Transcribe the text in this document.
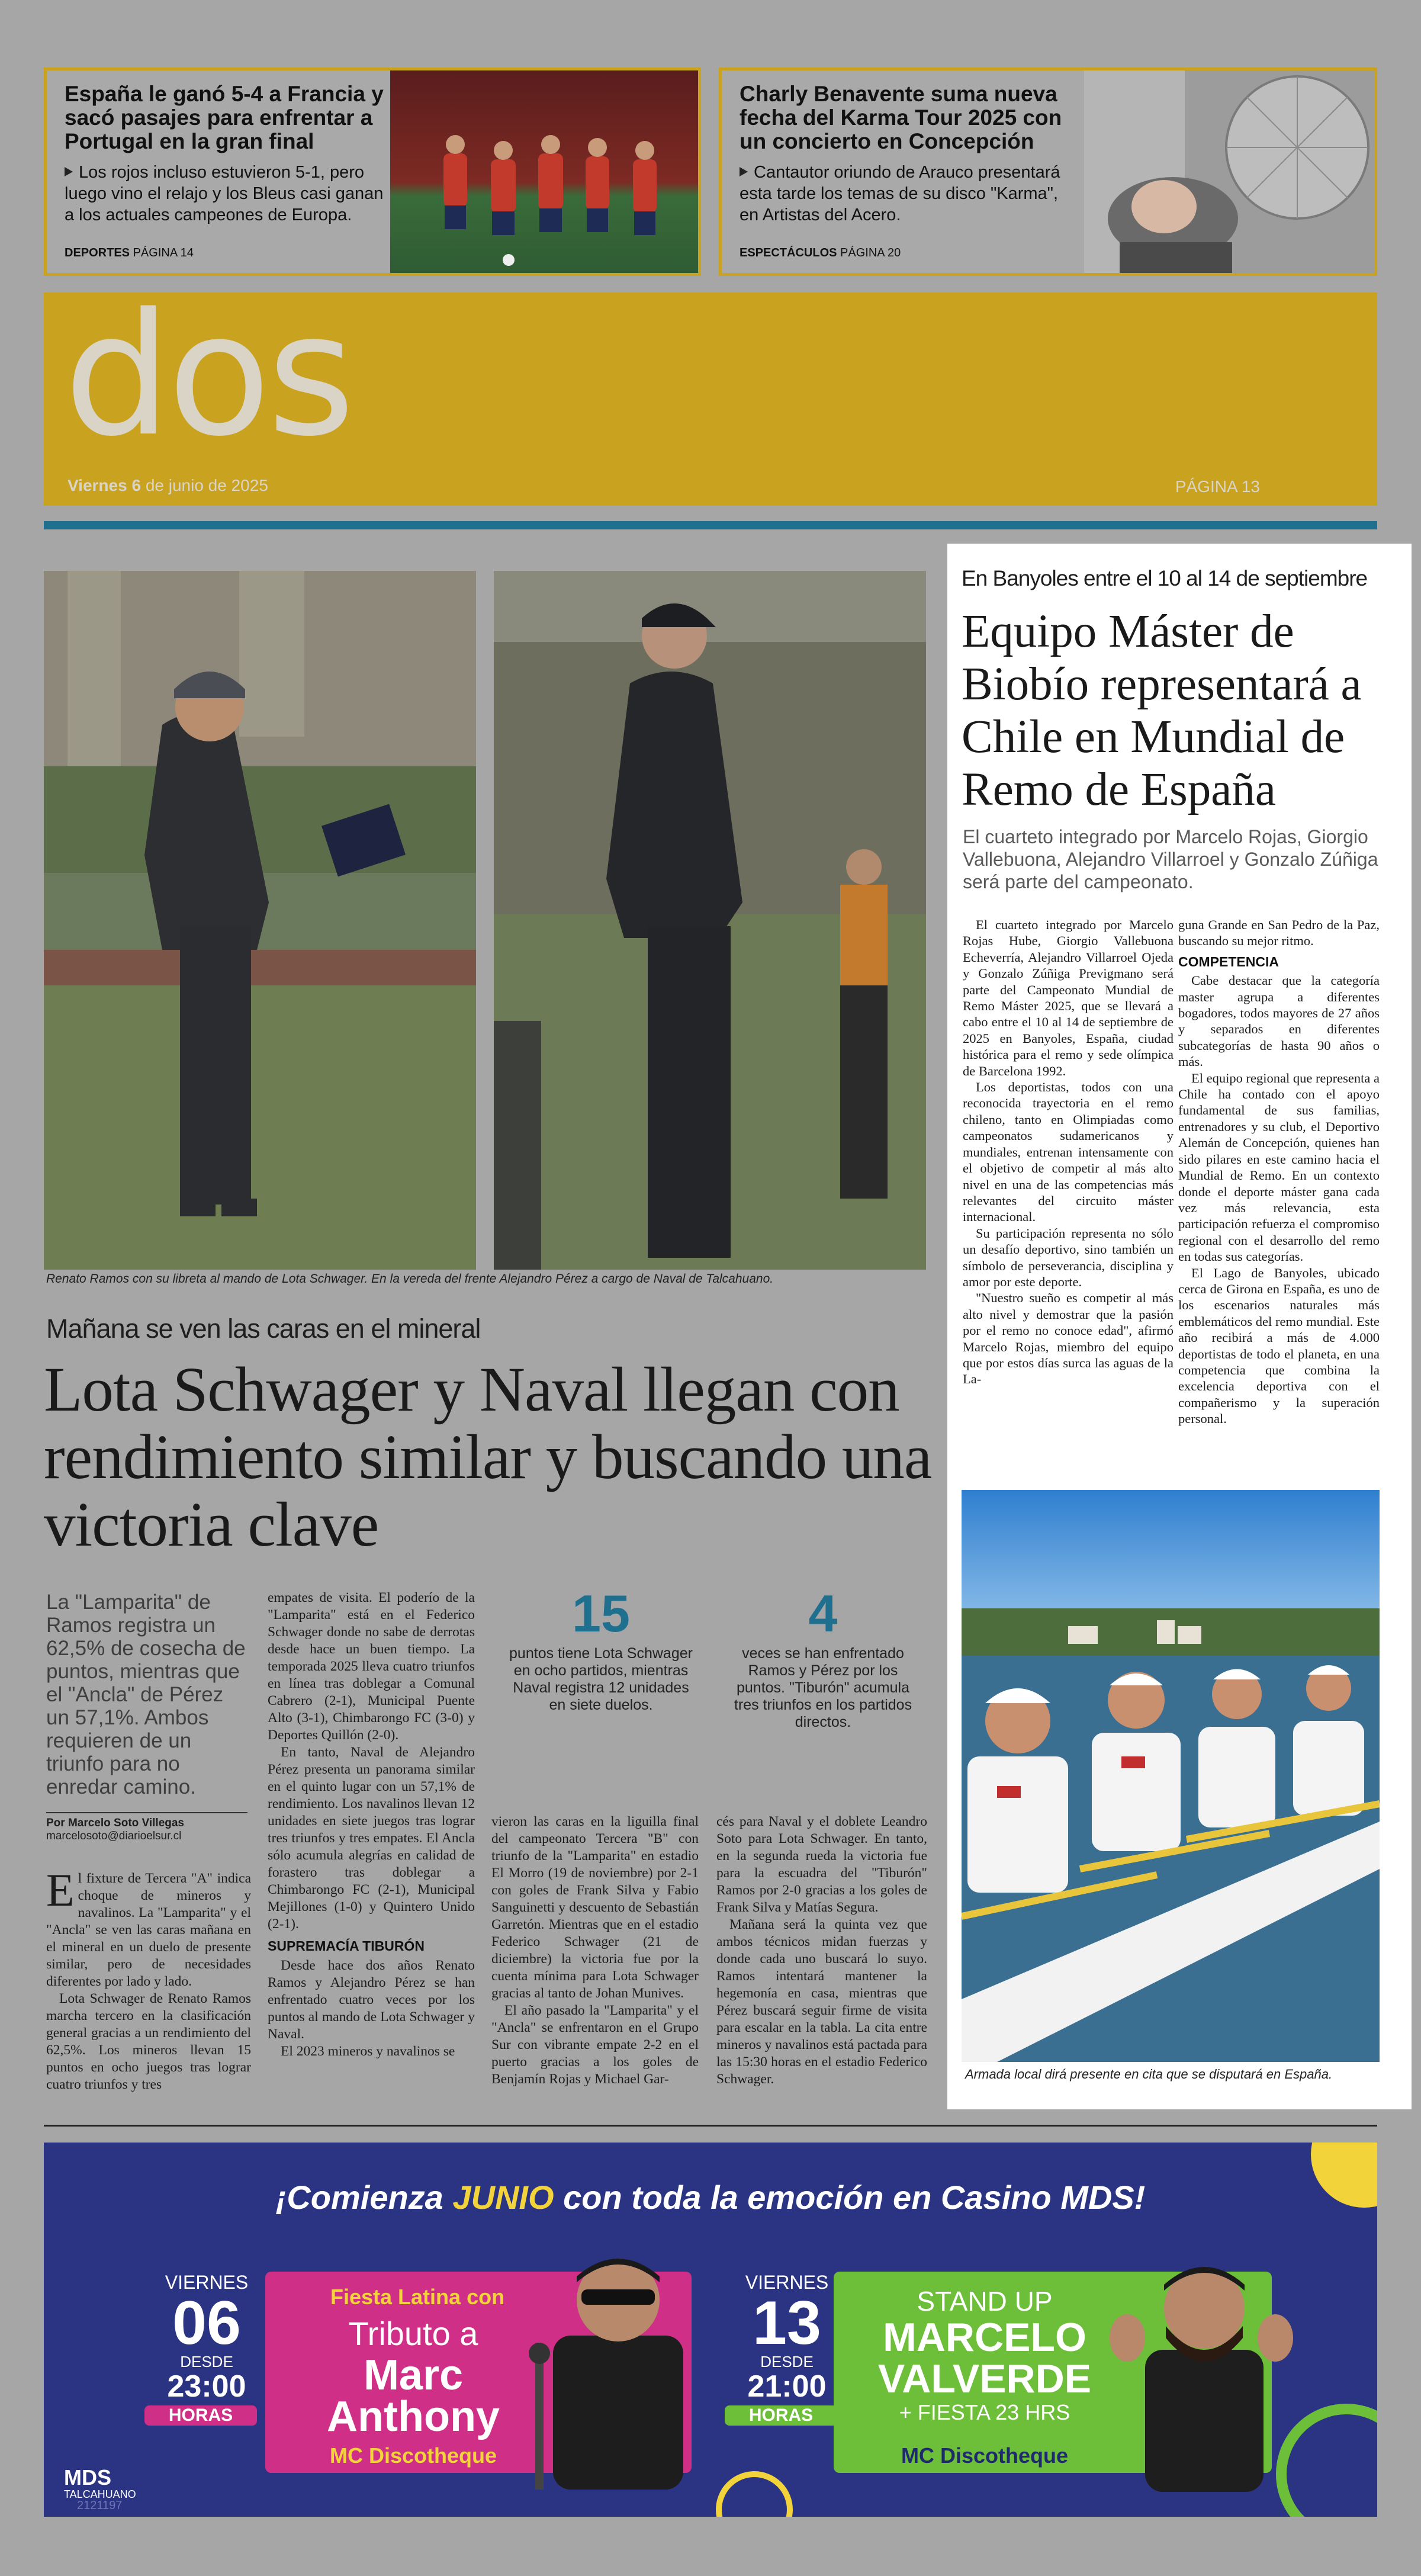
España le ganó 5-4 a Francia y sacó pasajes para enfrentar a Portugal en la gran final
Los rojos incluso estuvieron 5-1, pero luego vino el relajo y los Bleus casi ganan a los actuales campeones de Europa.
DEPORTES PÁGINA 14
Charly Benavente suma nueva fecha del Karma Tour 2025 con un concierto en Concepción
Cantautor oriundo de Arauco presentará esta tarde los temas de su disco "Karma", en Artistas del Acero.
ESPECTÁCULOS PÁGINA 20
dos
Viernes 6 de junio de 2025	PÁGINA 13
Renato Ramos con su libreta al mando de Lota Schwager. En la vereda del frente Alejandro Pérez a cargo de Naval de Talcahuano.
Mañana se ven las caras en el mineral
Lota Schwager y Naval llegan con rendimiento similar y buscando una victoria clave
La "Lamparita" de Ramos registra un 62,5% de cosecha de puntos, mientras que el "Ancla" de Pérez un 57,1%. Ambos requieren de un triunfo para no enredar camino.
Por Marcelo Soto Villegas
marcelosoto@diarioelsur.cl

El fixture de Tercera "A" indica choque de mineros y navalinos. La "Lamparita" y el "Ancla" se ven las caras mañana en el mineral en un duelo de presente similar, pero de necesidades diferentes por lado y lado.

Lota Schwager de Renato Ramos marcha tercero en la clasificación general gracias a un rendimiento del 62,5%. Los mineros llevan 15 puntos en ocho juegos tras lograr cuatro triunfos y tres

empates de visita. El poderío de la "Lamparita" está en el Federico Schwager donde no sabe de derrotas desde hace un buen tiempo. La temporada 2025 lleva cuatro triunfos en línea tras doblegar a Comunal Cabrero (2-1), Municipal Puente Alto (3-1), Chimbarongo FC (3-0) y Deportes Quillón (2-0).

En tanto, Naval de Alejandro Pérez presenta un panorama similar en el quinto lugar con un 57,1% de rendimiento. Los navalinos llevan 12 unidades en siete juegos tras lograr tres triunfos y tres empates. El Ancla sólo acumula alegrías en calidad de forastero tras doblegar a Chimbarongo FC (2-1), Municipal Mejillones (1-0) y Quintero Unido (2-1).

SUPREMACÍA TIBURÓN

Desde hace dos años Renato Ramos y Alejandro Pérez se han enfrentado cuatro veces por los puntos al mando de Lota Schwager y Naval.

El 2023 mineros y navalinos se

15
puntos tiene Lota Schwager en ocho partidos, mientras Naval registra 12 unidades en siete duelos.
4
veces se han enfrentado Ramos y Pérez por los puntos. "Tiburón" acumula tres triunfos en los partidos directos.

vieron las caras en la liguilla final del campeonato Tercera "B" con triunfo de la "Lamparita" en estadio El Morro (19 de noviembre) por 2-1 con goles de Frank Silva y Fabio Sanguinetti y descuento de Sebastián Garretón. Mientras que en el estadio Federico Schwager (21 de diciembre) la victoria fue por la cuenta mínima para Lota Schwager gracias al tanto de Johan Munives.

El año pasado la "Lamparita" y el "Ancla" se enfrentaron en el Grupo Sur con vibrante empate 2-2 en el puerto gracias a los goles de Benjamín Rojas y Michael Gar-

cés para Naval y el doblete Leandro Soto para Lota Schwager. En tanto, en la segunda rueda la victoria fue para la escuadra del "Tiburón" Ramos por 2-0 gracias a los goles de Frank Silva y Matías Segura.

Mañana será la quinta vez que ambos técnicos midan fuerzas y donde cada uno buscará lo suyo. Ramos intentará mantener la hegemonía en casa, mientras que Pérez buscará seguir firme de visita para escalar en la tabla. La cita entre mineros y navalinos está pactada para las 15:30 horas en el estadio Federico Schwager.

En Banyoles entre el 10 al 14 de septiembre
Equipo Máster de Biobío representará a Chile en Mundial de Remo de España
El cuarteto integrado por Marcelo Rojas, Giorgio Vallebuona, Alejandro Villarroel y Gonzalo Zúñiga será parte del campeonato.

El cuarteto integrado por Marcelo Rojas Hube, Giorgio Vallebuona Echeverría, Alejandro Villarroel Ojeda y Gonzalo Zúñiga Previgmano será parte del Campeonato Mundial de Remo Máster 2025, que se llevará a cabo entre el 10 al 14 de septiembre de 2025 en Banyoles, España, ciudad histórica para el remo y sede olímpica de Barcelona 1992.

Los deportistas, todos con una reconocida trayectoria en el remo chileno, tanto en Olimpiadas como campeonatos sudamericanos y mundiales, entrenan intensamente con el objetivo de competir al más alto nivel en una de las competencias más relevantes del circuito máster internacional.

Su participación representa no sólo un desafío deportivo, sino también un símbolo de perseverancia, disciplina y amor por este deporte.

"Nuestro sueño es competir al más alto nivel y demostrar que la pasión por el remo no conoce edad", afirmó Marcelo Rojas, miembro del equipo que por estos días surca las aguas de la La-

guna Grande en San Pedro de la Paz, buscando su mejor ritmo.

COMPETENCIA

Cabe destacar que la categoría master agrupa a diferentes bogadores, todos mayores de 27 años y separados en diferentes subcategorías de hasta 90 años o más.

El equipo regional que representa a Chile ha contado con el apoyo fundamental de sus familias, entrenadores y su club, el Deportivo Alemán de Concepción, quienes han sido pilares en este camino hacia el Mundial de Remo. En un contexto donde el deporte máster gana cada vez más relevancia, esta participación refuerza el compromiso regional con el desarrollo del remo en todas sus categorías.

El Lago de Banyoles, ubicado cerca de Girona en España, es uno de los escenarios naturales más emblemáticos del remo mundial. Este año recibirá a más de 4.000 deportistas de todo el planeta, en una competencia que combina la excelencia deportiva con el compañerismo y la superación personal.

Armada local dirá presente en cita que se disputará en España.
¡Comienza JUNIO con toda la emoción en Casino MDS!
VIERNES
06
DESDE
23:00
HORAS
Fiesta Latina con
Tributo a
Marc
Anthony
MC Discotheque
VIERNES
13
DESDE
21:00
HORAS
STAND UP
MARCELO
VALVERDE
+ FIESTA 23 HRS
MC Discotheque
MDS
TALCAHUANO
2121197
